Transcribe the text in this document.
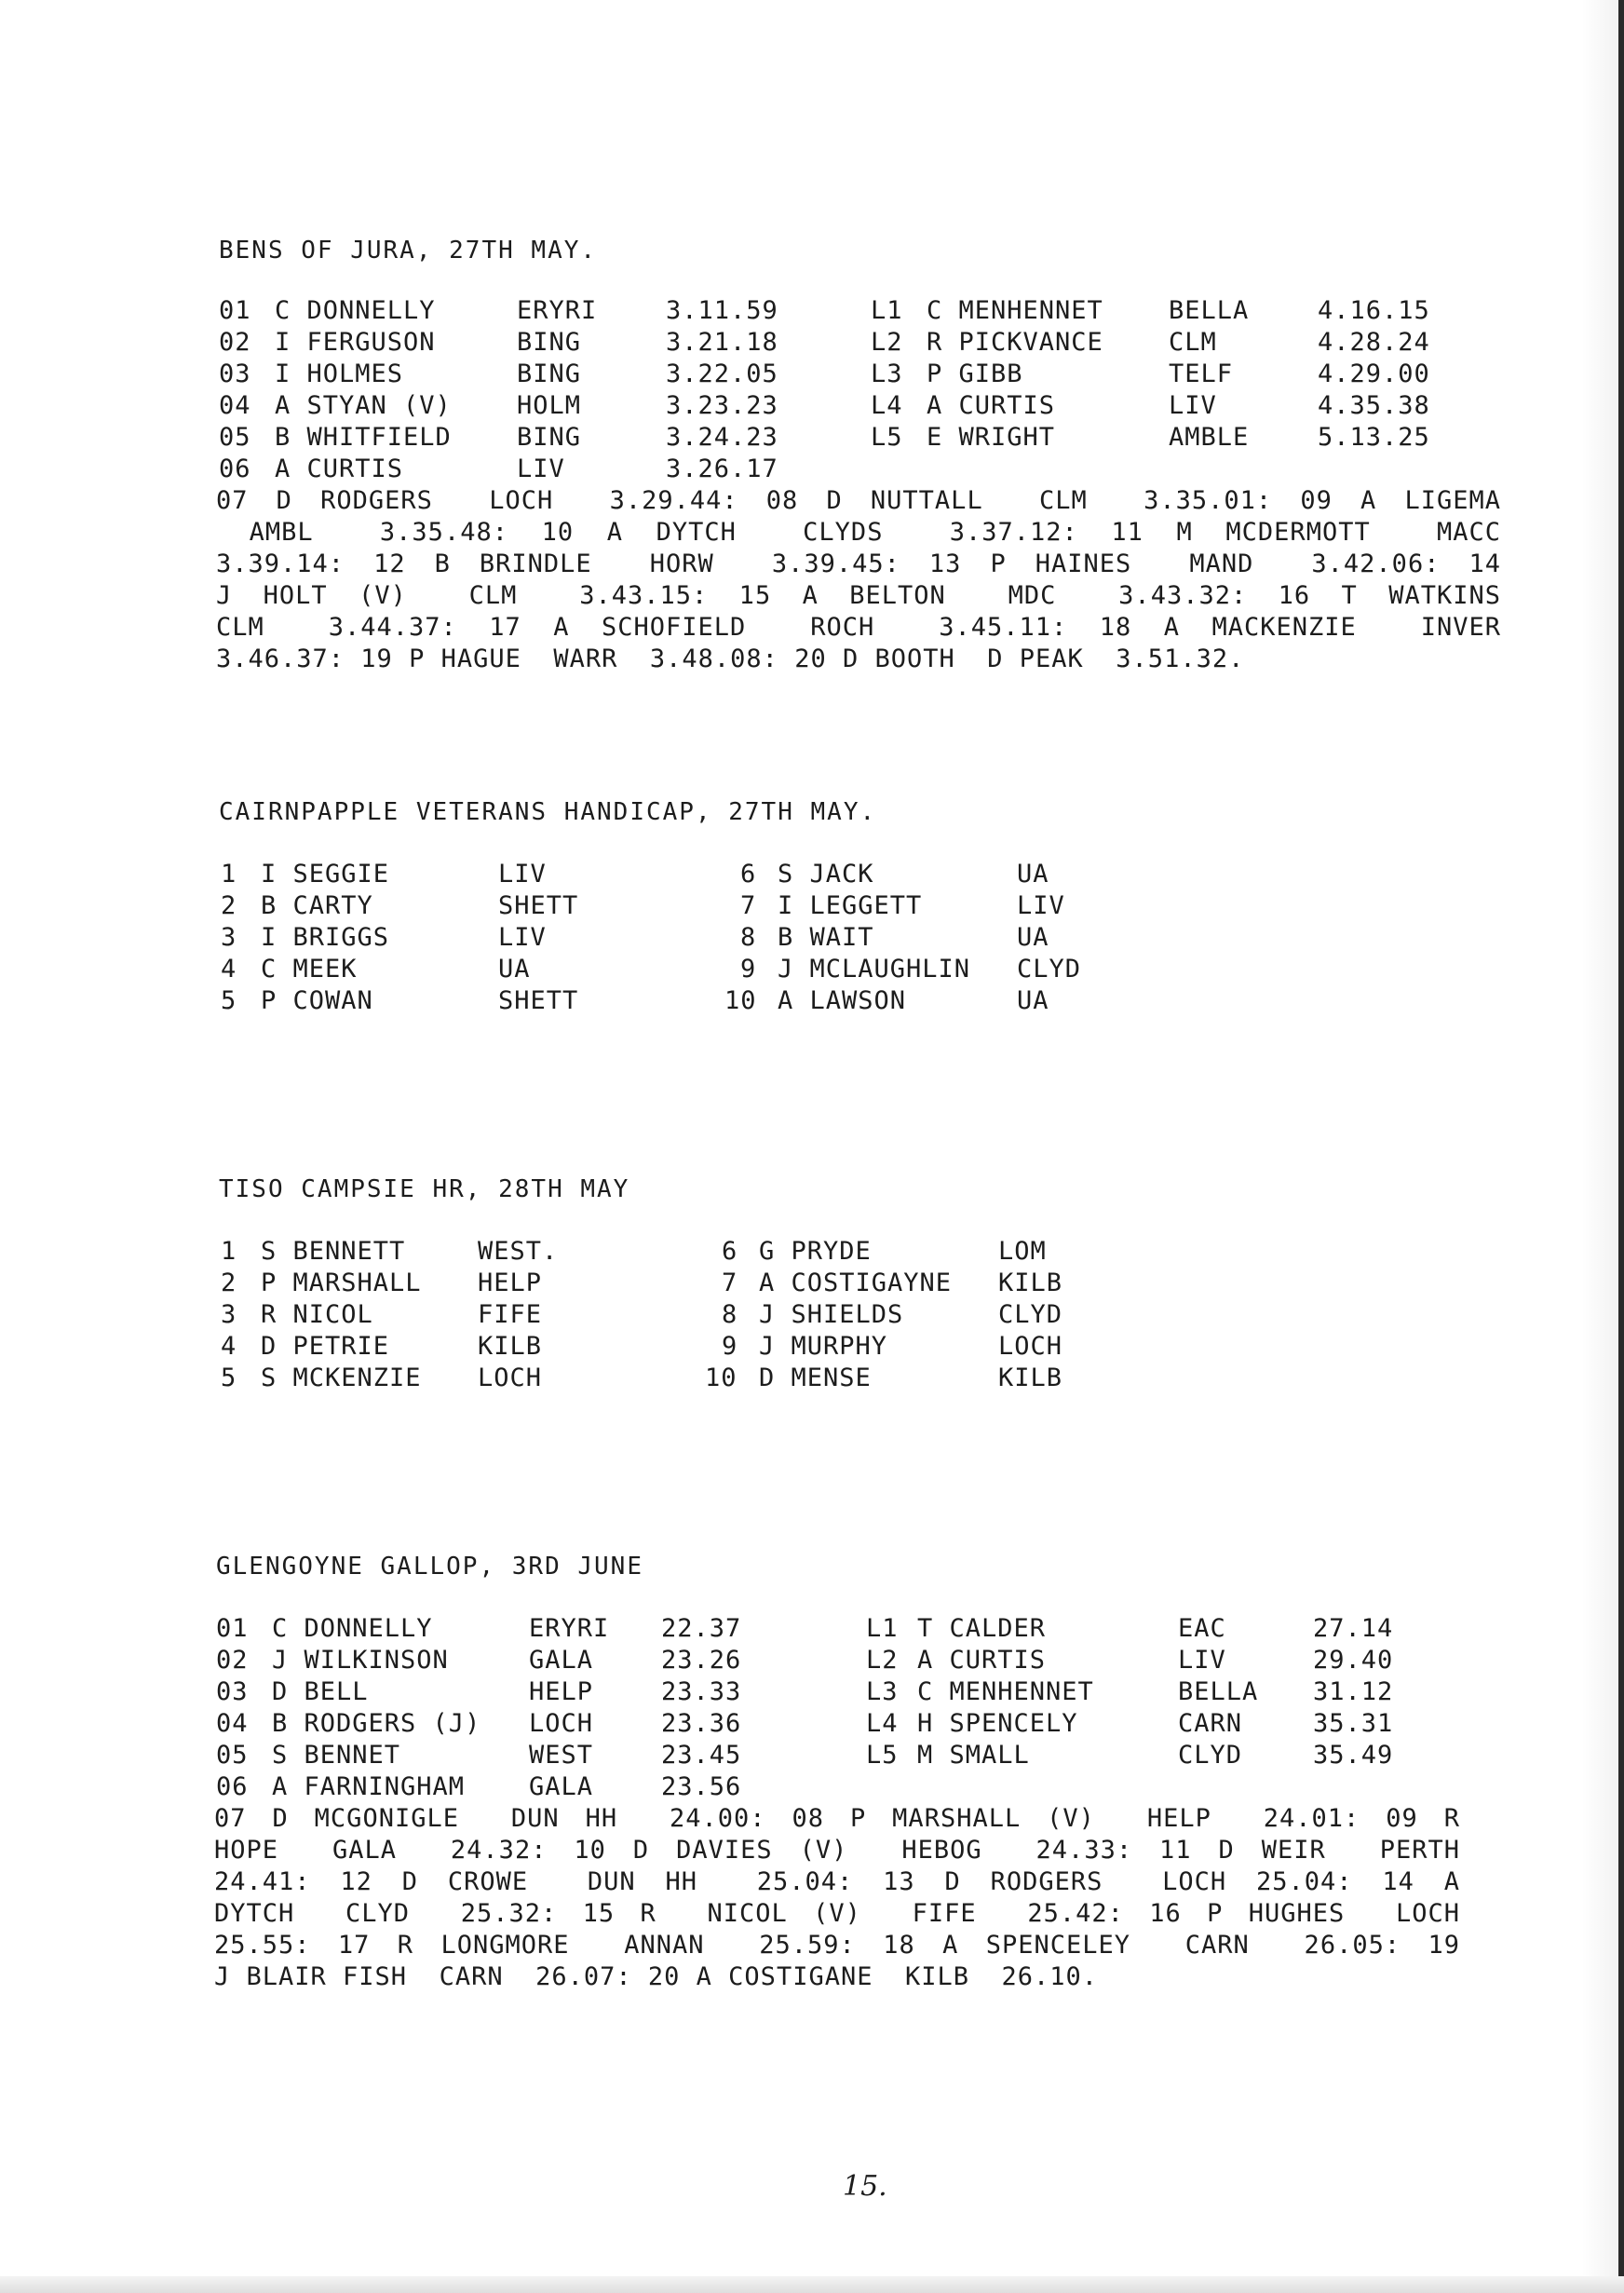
BENS OF JURA, 27TH MAY.
01 C DONNELLY	ERYRI	3.11.59
02 I FERGUSON	BING	3.21.18
03 I HOLMES	BING	3.22.05
04 A STYAN (V)	HOLM	3.23.23
05 B WHITFIELD	BING	3.24.23
06 A CURTIS	LIV	3.26.17
L1 C MENHENNET	BELLA	4.16.15
L2 R PICKVANCE	CLM	4.28.24
L3 P GIBB	TELF	4.29.00
L4 A CURTIS	LIV	4.35.38
L5 E WRIGHT	AMBLE	5.13.25
07 D RODGERS  LOCH  3.29.44: 08 D NUTTALL  CLM  3.35.01: 09 A LIGEMA
AMBL  3.35.48: 10 A DYTCH  CLYDS  3.37.12: 11 M MCDERMOTT  MACC
3.39.14: 12 B BRINDLE  HORW  3.39.45: 13 P HAINES  MAND  3.42.06: 14
J HOLT (V)  CLM  3.43.15: 15 A BELTON  MDC  3.43.32: 16 T WATKINS
CLM  3.44.37: 17 A SCHOFIELD  ROCH  3.45.11: 18 A MACKENZIE  INVER
3.46.37: 19 P HAGUE  WARR  3.48.08: 20 D BOOTH  D PEAK  3.51.32.
CAIRNPAPPLE VETERANS HANDICAP, 27TH MAY.
1 I SEGGIE	LIV
2 B CARTY	SHETT
3 I BRIGGS	LIV
4 C MEEK	UA
5 P COWAN	SHETT
6 S JACK	UA
7 I LEGGETT	LIV
8 B WAIT	UA
9 J MCLAUGHLIN CLYD
10 A LAWSON	UA
TISO CAMPSIE HR, 28TH MAY
1 S BENNETT	WEST.
2 P MARSHALL HELP
3 R NICOL	FIFE
4 D PETRIE	KILB
5 S MCKENZIE LOCH
6 G PRYDE	LOM
7 A COSTIGAYNE KILB
8 J SHIELDS	CLYD
9 J MURPHY	LOCH
10 D MENSE	KILB
GLENGOYNE GALLOP, 3RD JUNE
01 C DONNELLY	ERYRI 22.37
02 J WILKINSON	GALA	23.26
03 D BELL	HELP	23.33
04 B RODGERS (J) LOCH	23.36
05 S BENNET	WEST	23.45
06 A FARNINGHAM	GALA	23.56
L1 T CALDER	EAC	27.14
L2 A CURTIS	LIV	29.40
L3 C MENHENNET	BELLA 31.12
L4 H SPENCELY	CARN	35.31
L5 M SMALL	CLYD	35.49
07 D MCGONIGLE  DUN HH  24.00: 08 P MARSHALL (V)  HELP  24.01: 09 R
HOPE  GALA  24.32: 10 D DAVIES (V)  HEBOG  24.33: 11 D WEIR  PERTH
24.41: 12 D CROWE  DUN HH  25.04: 13 D RODGERS  LOCH 25.04: 14 A
DYTCH  CLYD  25.32: 15 R  NICOL (V)  FIFE  25.42: 16 P HUGHES  LOCH
25.55: 17 R LONGMORE  ANNAN  25.59: 18 A SPENCELEY  CARN  26.05: 19
J BLAIR FISH  CARN  26.07: 20 A COSTIGANE  KILB  26.10.
15.
